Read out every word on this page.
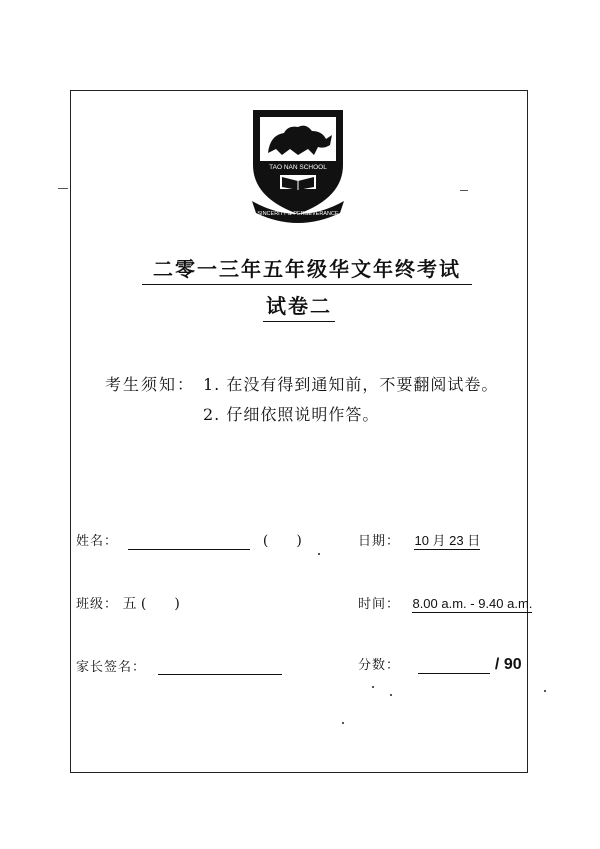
TAO NAN SCHOOL
SINCERITY & PERSEVERANCE
二零一三年五年级华文年终考试
试卷二
考生须知： 1. 在没有得到通知前，不要翻阅试卷。
2. 仔细依照说明作答。
姓名：	(　　)
班级： 五 (　　)
家长签名：
日期： 10 月 23 日
时间： 8.00 a.m. - 9.40 a.m.
分数：	/ 90
